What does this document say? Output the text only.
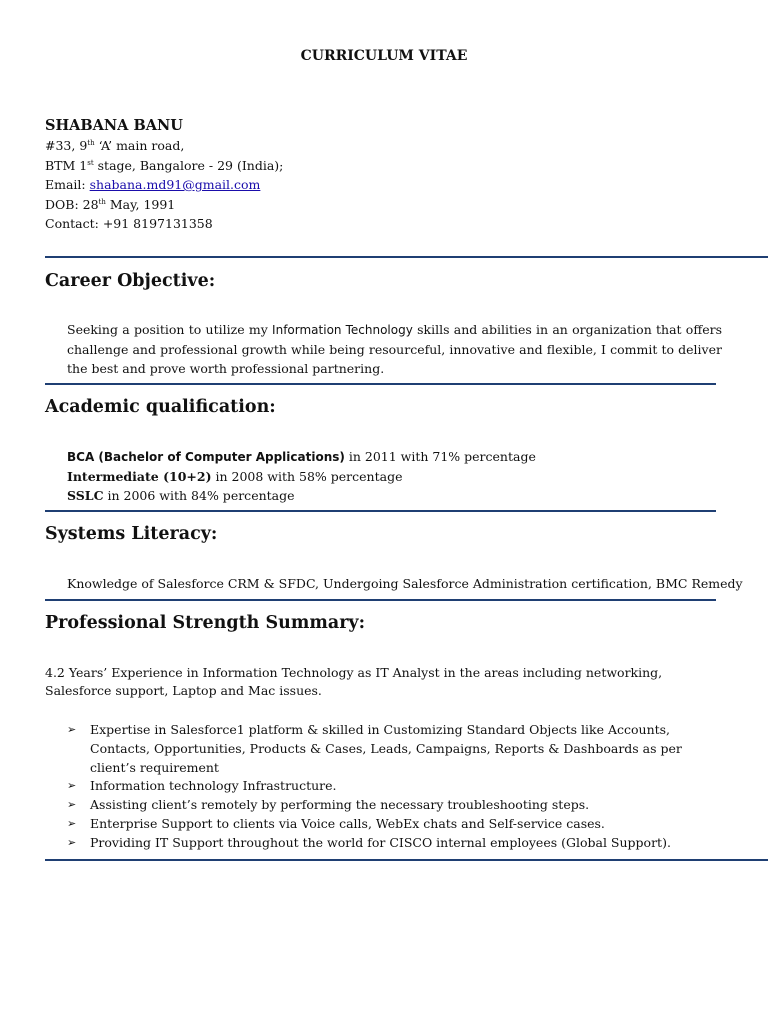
CURRICULUM VITAE
SHABANA BANU
#33, 9th ‘A’ main road,
BTM 1st stage, Bangalore - 29 (India);
Email: shabana.md91@gmail.com
DOB: 28th May, 1991
Contact: +91 8197131358
Career Objective:
Seeking a position to utilize my Information Technology skills and abilities in an organization that offers challenge and professional growth while being resourceful, innovative and flexible, I commit to deliver the best and prove worth professional partnering.
Academic qualification:
BCA (Bachelor of Computer Applications) in 2011 with 71% percentage
Intermediate (10+2) in 2008 with 58% percentage
SSLC in 2006 with 84% percentage
Systems Literacy:
Knowledge of Salesforce CRM & SFDC, Undergoing Salesforce Administration certification, BMC Remedy
Professional Strength Summary:
4.2 Years’ Experience in Information Technology as IT Analyst in the areas including networking, Salesforce support, Laptop and Mac issues.
➢ Expertise in Salesforce1 platform & skilled in Customizing Standard Objects like Accounts, Contacts, Opportunities, Products & Cases, Leads, Campaigns, Reports & Dashboards as per client’s requirement
➢ Information technology Infrastructure.
➢ Assisting client’s remotely by performing the necessary troubleshooting steps.
➢ Enterprise Support to clients via Voice calls, WebEx chats and Self-service cases.
➢ Providing IT Support throughout the world for CISCO internal employees (Global Support).
